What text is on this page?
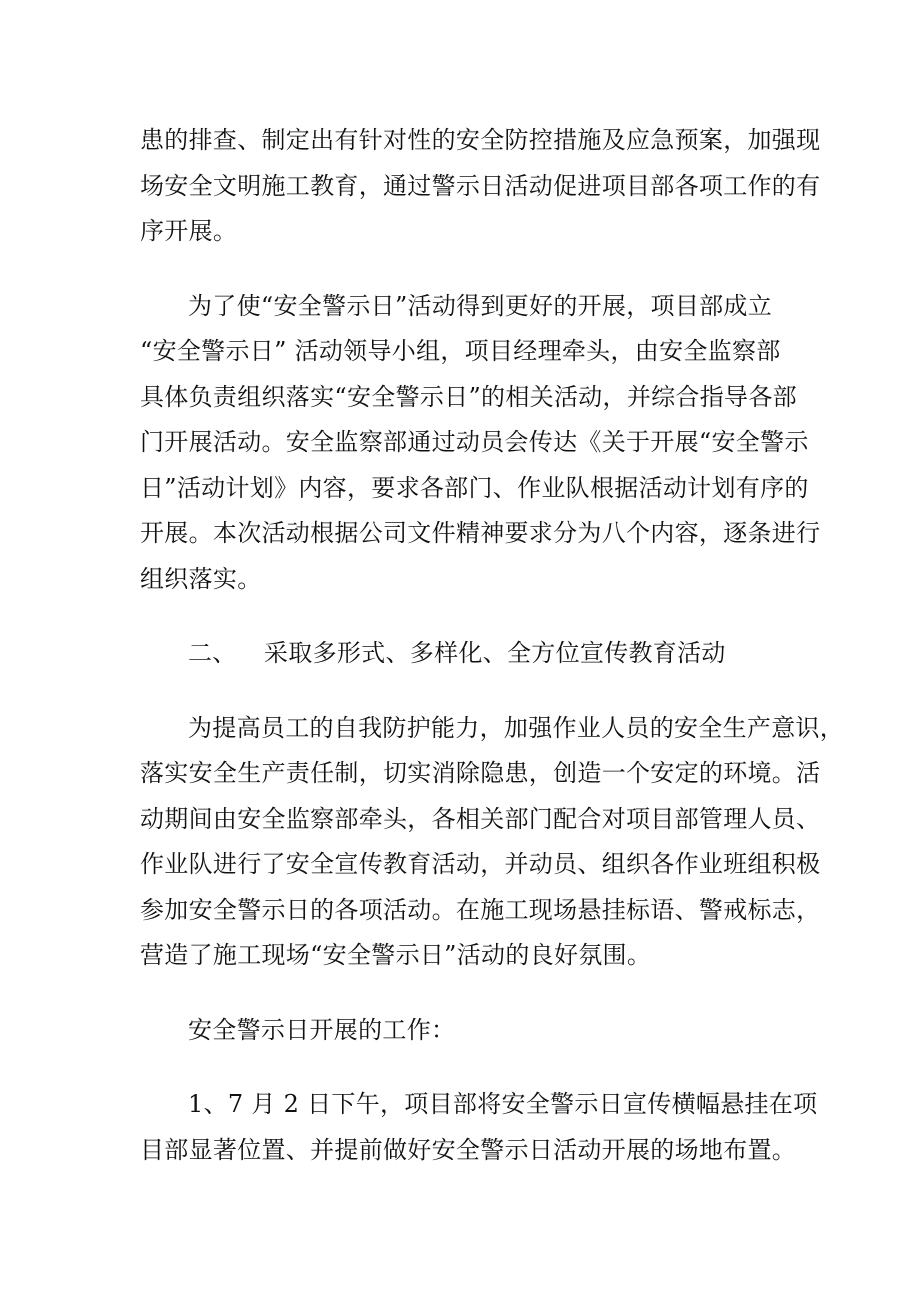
患的排查、制定出有针对性的安全防控措施及应急预案，加强现
场安全文明施工教育，通过警示日活动促进项目部各项工作的有
序开展。
为了使“安全警示日”活动得到更好的开展，项目部成立
“安全警示日” 活动领导小组，项目经理牵头，由安全监察部
具体负责组织落实“安全警示日”的相关活动，并综合指导各部
门开展活动。安全监察部通过动员会传达《关于开展“安全警示
日”活动计划》内容，要求各部门、作业队根据活动计划有序的
开展。本次活动根据公司文件精神要求分为八个内容，逐条进行
组织落实。
二、	采取多形式、多样化、全方位宣传教育活动
为提高员工的自我防护能力，加强作业人员的安全生产意识，
落实安全生产责任制，切实消除隐患，创造一个安定的环境。活
动期间由安全监察部牵头，各相关部门配合对项目部管理人员、
作业队进行了安全宣传教育活动，并动员、组织各作业班组积极
参加安全警示日的各项活动。在施工现场悬挂标语、警戒标志，
营造了施工现场“安全警示日”活动的良好氛围。
安全警示日开展的工作：
1、7 月 2 日下午，项目部将安全警示日宣传横幅悬挂在项
目部显著位置、并提前做好安全警示日活动开展的场地布置。
